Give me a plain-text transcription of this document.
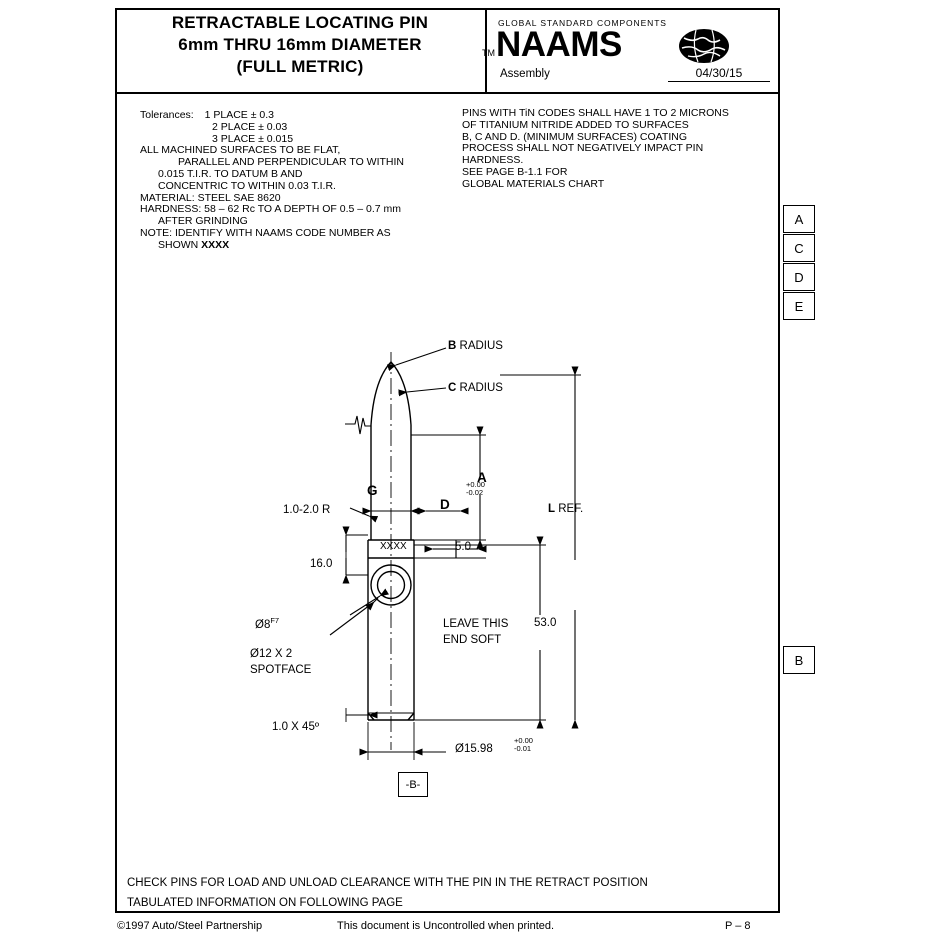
RETRACTABLE LOCATING PIN
6mm THRU 16mm DIAMETER
(FULL METRIC)
GLOBAL STANDARD COMPONENTS
TM NAAMS
Assembly	04/30/15
Tolerances: 1 PLACE ± 0.3
2 PLACE ± 0.03
3 PLACE ± 0.015
ALL MACHINED SURFACES TO BE FLAT,
PARALLEL AND PERPENDICULAR TO WITHIN
0.015 T.I.R. TO DATUM B AND
CONCENTRIC TO WITHIN 0.03 T.I.R.
MATERIAL: STEEL SAE 8620
HARDNESS: 58 – 62 Rc TO A DEPTH OF 0.5 – 0.7 mm
AFTER GRINDING
NOTE: IDENTIFY WITH NAAMS CODE NUMBER AS
SHOWN XXXX
PINS WITH TiN CODES SHALL HAVE 1 TO 2 MICRONS
OF TITANIUM NITRIDE ADDED TO SURFACES
B, C AND D. (MINIMUM SURFACES) COATING
PROCESS SHALL NOT NEGATIVELY IMPACT PIN
HARDNESS.
SEE PAGE B-1.1 FOR
GLOBAL MATERIALS CHART
A
C
D
E
B
B RADIUS
C RADIUS
G
D
A
+0.00
-0.02
L REF.
1.0-2.0 R
XXXX	5.0
16.0
$Ø8^{F7}$
Ø12 X 2
SPOTFACE
LEAVE THIS
END SOFT
53.0
1.0 X 45º
Ø15.98
+0.00
-0.01
-B-
CHECK PINS FOR LOAD AND UNLOAD CLEARANCE WITH THE PIN IN THE RETRACT POSITION
TABULATED INFORMATION ON FOLLOWING PAGE
©1997 Auto/Steel Partnership	This document is Uncontrolled when printed.	P – 8
